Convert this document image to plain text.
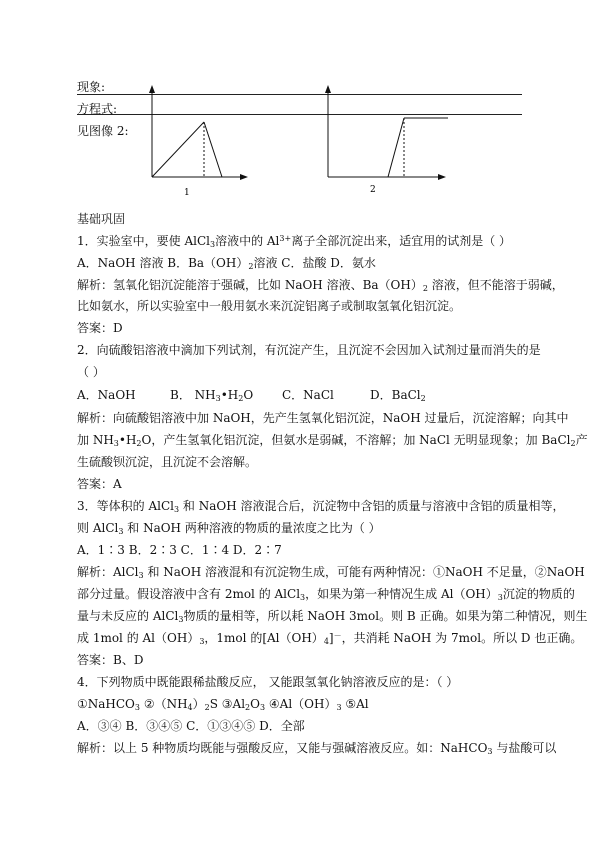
现象:
方程式:
见图像 2:
1	2
基础巩固
1．实验室中，要使 AlCl$_3$溶液中的 $Al^{3+}$离子全部沉淀出来，适宜用的试剂是（ ）
A．NaOH 溶液 B．$Ba(OH)_2$溶液 C．盐酸 D．氨水
解析：氢氧化铝沉淀能溶于强碱，比如 NaOH 溶液、$Ba(OH)_2$ 溶液，但不能溶于弱碱，
比如氨水，所以实验室中一般用氨水来沉淀铝离子或制取氢氧化铝沉淀。
答案：D
2．向硫酸铝溶液中滴加下列试剂，有沉淀产生，且沉淀不会因加入试剂过量而消失的是
（ ）
A．NaOH	B． $NH_3•H_2O$ C．NaCl	D．BaCl$_2$
解析：向硫酸铝溶液中加 NaOH，先产生氢氧化铝沉淀，NaOH 过量后，沉淀溶解；向其中
加 $NH_3•H_2O$，产生氢氧化铝沉淀，但氨水是弱碱，不溶解；加 NaCl 无明显现象；加 BaCl$_2$产
生硫酸钡沉淀，且沉淀不会溶解。
答案：A
3．等体积的 AlCl$_3$ 和 NaOH 溶液混合后，沉淀物中含铝的质量与溶液中含铝的质量相等，
则 AlCl$_3$ 和 NaOH 两种溶液的物质的量浓度之比为（ ）
A．1∶3 B．2∶3 C．1∶4 D．2∶7
解析：AlCl$_3$ 和 NaOH 溶液混和有沉淀物生成，可能有两种情况：①NaOH 不足量，②NaOH
部分过量。假设溶液中含有 2mol 的 AlCl$_3$，如果为第一种情况生成 $Al(OH)_3$沉淀的物质的
量与未反应的 AlCl$_3$物质的量相等，所以耗 NaOH 3mol。则 B 正确。如果为第二种情况，则生
成 1mol 的 $Al(OH)_3$，1mol 的$[Al(OH)_4]^-$，共消耗 NaOH 为 7mol。所以 D 也正确。
答案：B、D
4．下列物质中既能跟稀盐酸反应， 又能跟氢氧化钠溶液反应的是：（ ）
①NaHCO$_3$ $②(NH_4)_2S$ $③Al_2O_3$ $④Al(OH)_3$ ⑤Al
A．③④ B．③④⑤ C．①③④⑤ D．全部
解析：以上 5 种物质均既能与强酸反应，又能与强碱溶液反应。如：NaHCO$_3$ 与盐酸可以
